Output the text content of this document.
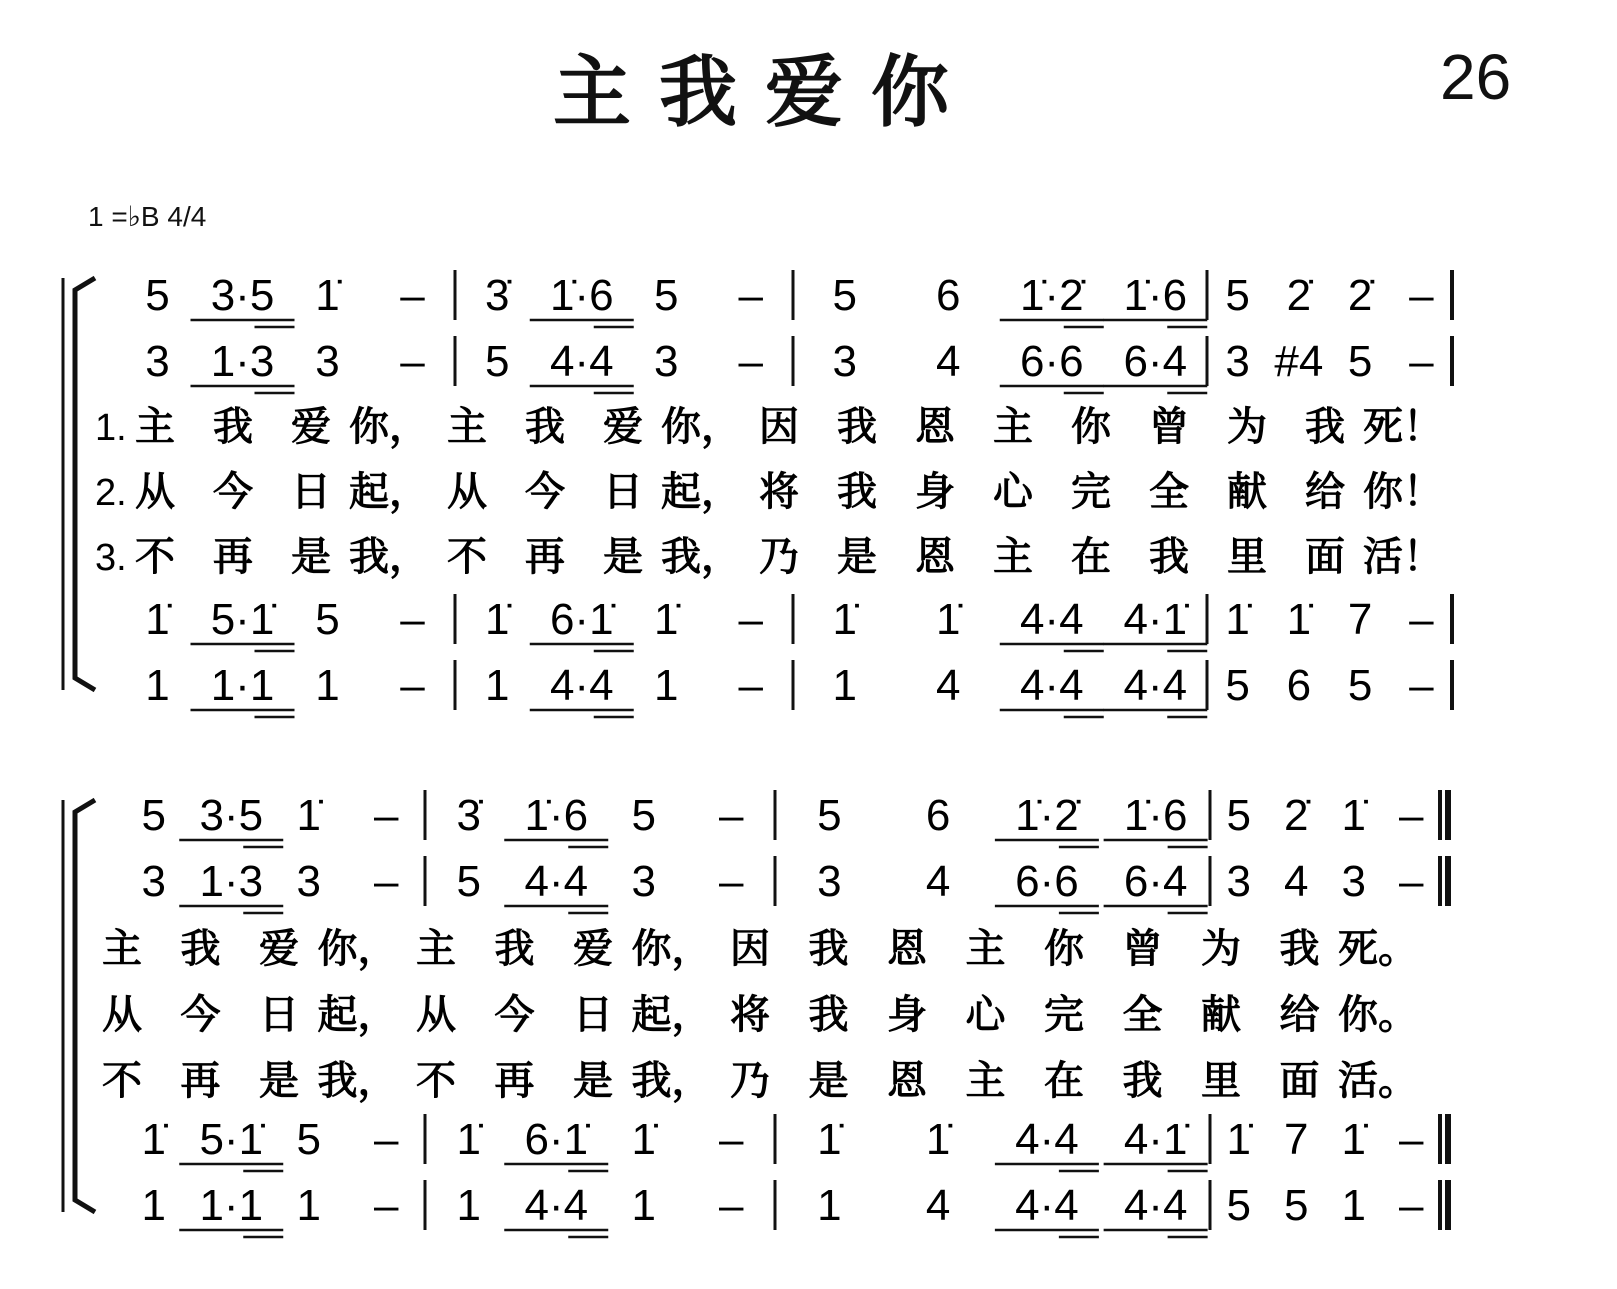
主我爱你	26
1 =♭B 4/4
5 3·5 1̇ – 3̇ 1̇·6 5 – 5 6 1̇·2̇ 1̇·6 5 2̇ 2̇ –
3 1·3 3 – 5 4·4 3 – 3 4 6·6 6·4 3 #4 5 –
1̇ 5·1̇ 5 – 1̇ 6·1̇ 1̇ – 1̇ 1̇ 4·4 4·1̇ 1̇ 1̇ 7 –
1 1·1 1 – 1 4·4 1 – 1 4 4·4 4·4 5 6 5 –
1. 主 我 爱 你， 主 我 爱 你， 因 我 恩 主 你 曾 为 我 死！
2. 从 今 日 起， 从 今 日 起， 将 我 身 心 完 全 献 给 你！
3. 不 再 是 我， 不 再 是 我， 乃 是 恩 主 在 我 里 面 活！
5 3·5 1̇ – 3̇ 1̇·6 5 – 5 6 1̇·2̇ 1̇·6 5 2̇ 1̇ –
3 1·3 3 – 5 4·4 3 – 3 4 6·6 6·4 3 4 3 –
1̇ 5·1̇ 5 – 1̇ 6·1̇ 1̇ – 1̇ 1̇ 4·4 4·1̇ 1̇ 7 1̇ –
1 1·1 1 – 1 4·4 1 – 1 4 4·4 4·4 5 5 1 –
主 我 爱 你， 主 我 爱 你， 因 我 恩 主 你 曾 为 我 死。
从 今 日 起， 从 今 日 起， 将 我 身 心 完 全 献 给 你。
不 再 是 我， 不 再 是 我， 乃 是 恩 主 在 我 里 面 活。
